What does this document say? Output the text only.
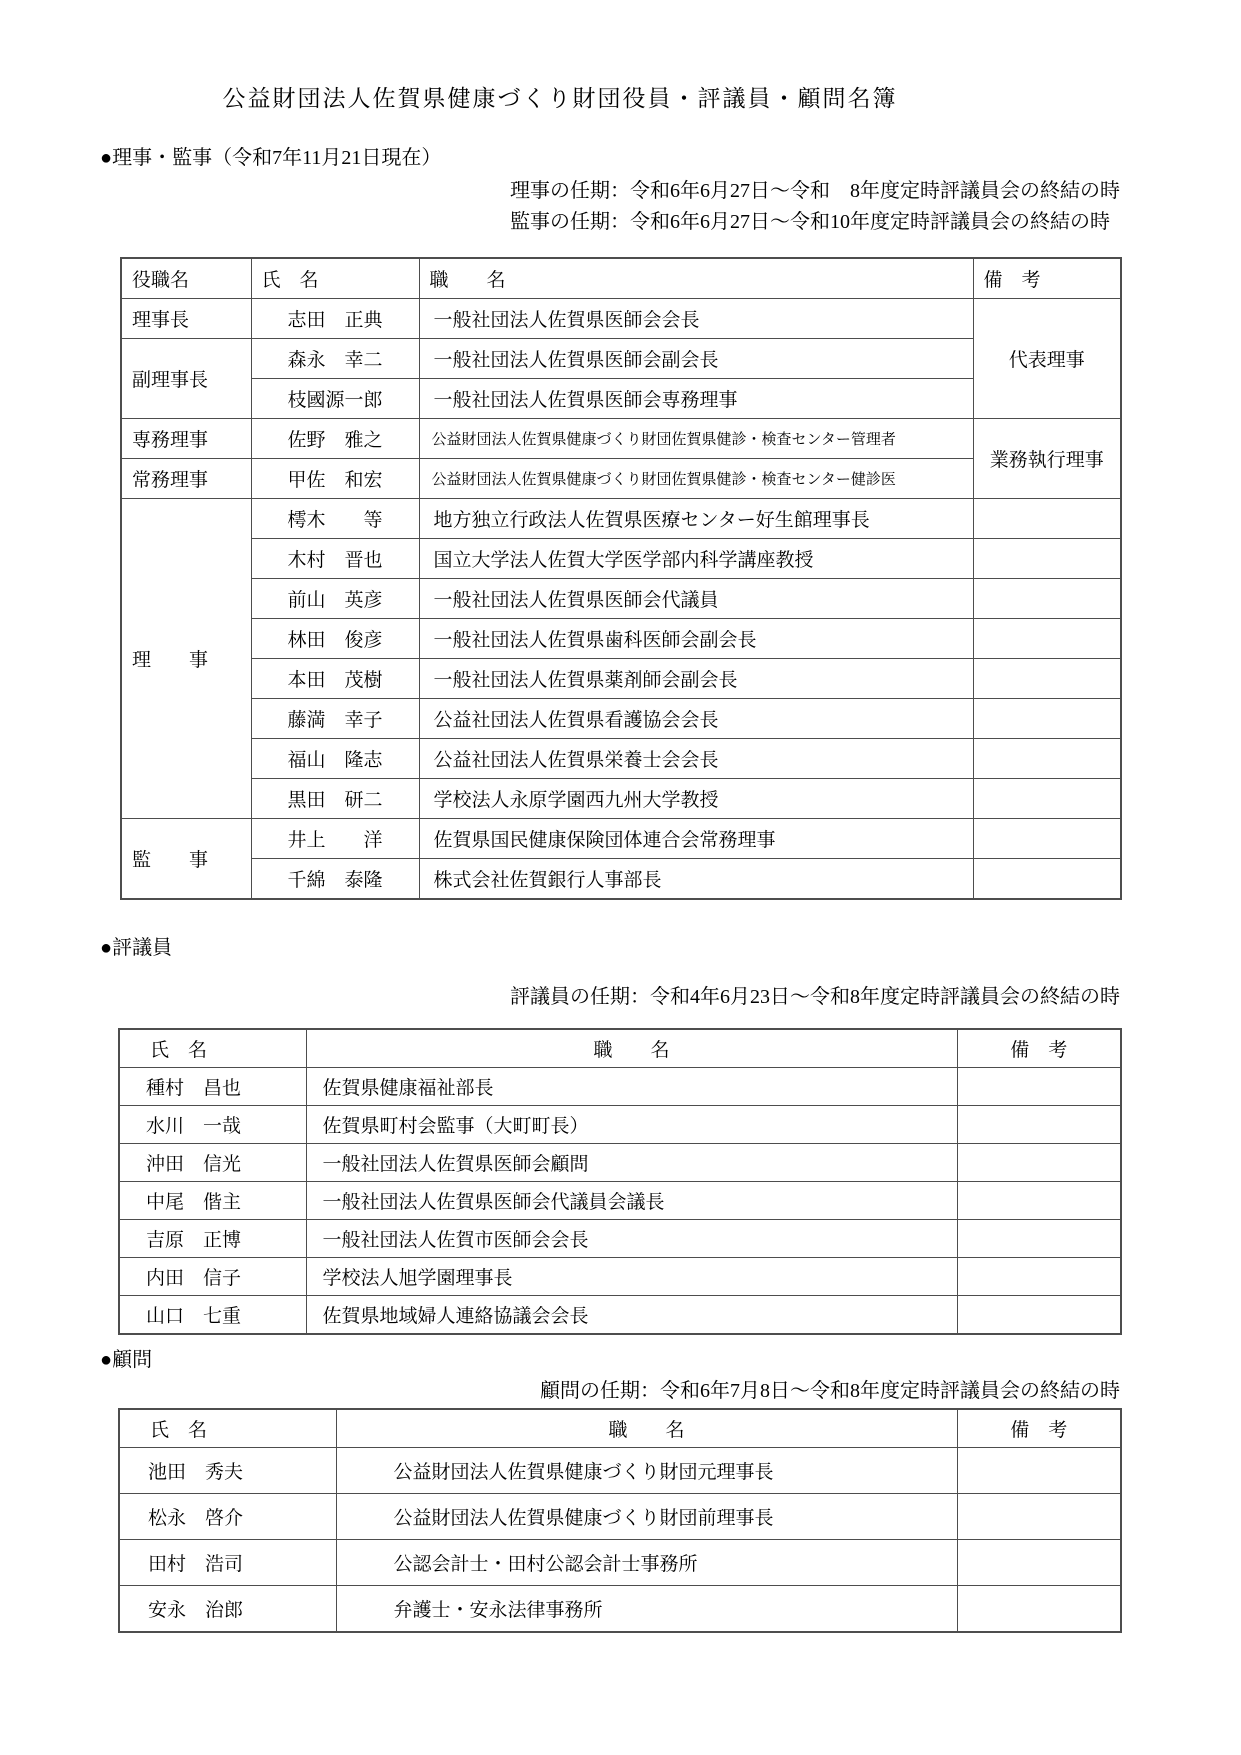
公益財団法人佐賀県健康づくり財団役員・評議員・顧問名簿
●理事・監事（令和7年11月21日現在）
理事の任期：令和6年6月27日～令和　8年度定時評議員会の終結の時
監事の任期：令和6年6月27日～令和10年度定時評議員会の終結の時
役職名	氏　名	職　　名	備　考
理事長	志田　正典	一般社団法人佐賀県医師会会長	代表理事
副理事長	森永　幸二	一般社団法人佐賀県医師会副会長	
	枝國源一郎	一般社団法人佐賀県医師会専務理事	
専務理事	佐野　雅之	公益財団法人佐賀県健康づくり財団佐賀県健診・検査センター管理者	業務執行理事
常務理事	甲佐　和宏	公益財団法人佐賀県健康づくり財団佐賀県健診・検査センター健診医	
理　　事	樗木　　等	地方独立行政法人佐賀県医療センター好生館理事長	
	木村　晋也	国立大学法人佐賀大学医学部内科学講座教授	
	前山　英彦	一般社団法人佐賀県医師会代議員	
	林田　俊彦	一般社団法人佐賀県歯科医師会副会長	
	本田　茂樹	一般社団法人佐賀県薬剤師会副会長	
	藤満　幸子	公益社団法人佐賀県看護協会会長	
	福山　隆志	公益社団法人佐賀県栄養士会会長	
	黒田　研二	学校法人永原学園西九州大学教授	
監　　事	井上　　洋	佐賀県国民健康保険団体連合会常務理事	
	千綿　泰隆	株式会社佐賀銀行人事部長	
●評議員
評議員の任期：令和4年6月23日～令和8年度定時評議員会の終結の時
氏　名	職　　名	備　考
種村　昌也	佐賀県健康福祉部長	
水川　一哉	佐賀県町村会監事（大町町長）	
沖田　信光	一般社団法人佐賀県医師会顧問	
中尾　偕主	一般社団法人佐賀県医師会代議員会議長	
吉原　正博	一般社団法人佐賀市医師会会長	
内田　信子	学校法人旭学園理事長	
山口　七重	佐賀県地域婦人連絡協議会会長	
●顧問
顧問の任期：令和6年7月8日～令和8年度定時評議員会の終結の時
氏　名	職　　名	備　考
池田　秀夫	公益財団法人佐賀県健康づくり財団元理事長	
松永　啓介	公益財団法人佐賀県健康づくり財団前理事長	
田村　浩司	公認会計士・田村公認会計士事務所	
安永　治郎	弁護士・安永法律事務所	
